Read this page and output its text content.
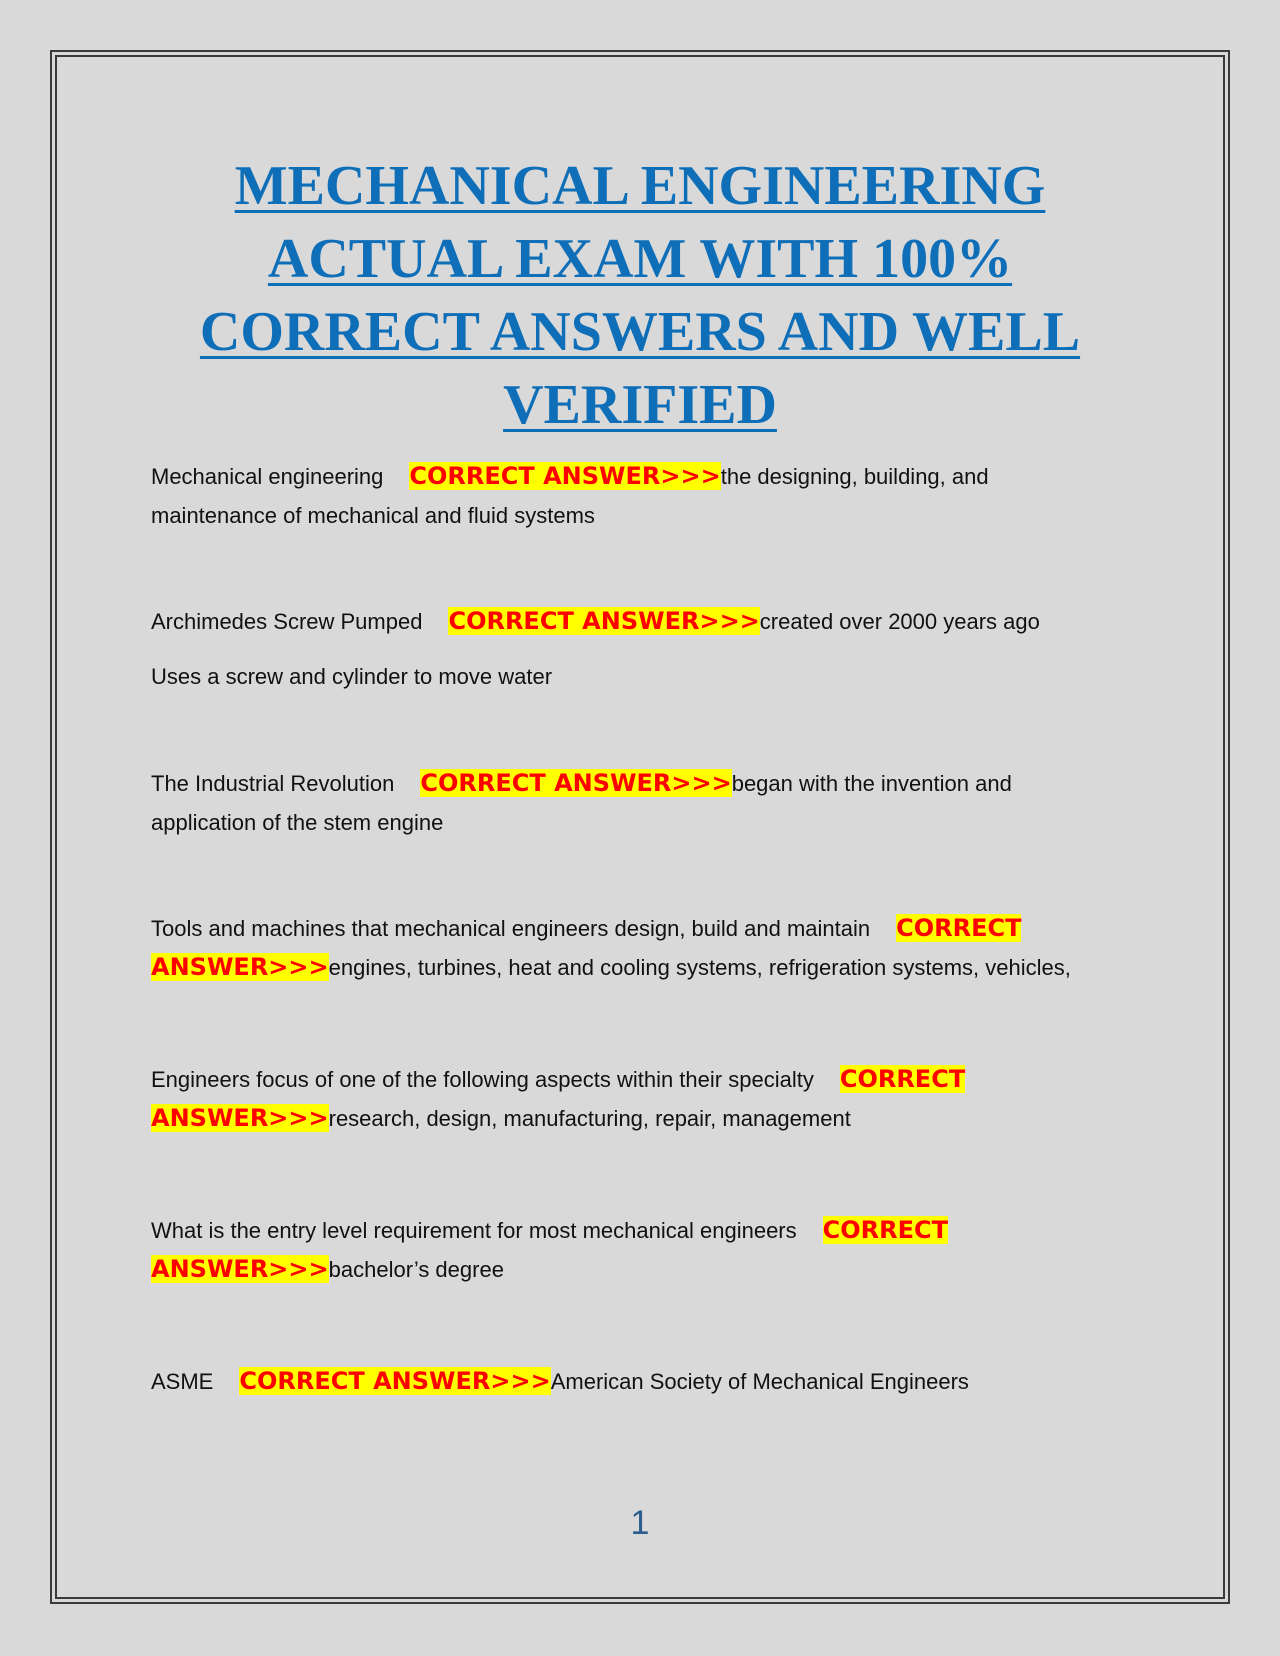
MECHANICAL ENGINEERING
ACTUAL EXAM WITH 100%
CORRECT ANSWERS AND WELL
VERIFIED

Mechanical engineering CORRECT ANSWER>>>the designing, building, and maintenance of mechanical and fluid systems

Archimedes Screw Pumped CORRECT ANSWER>>>created over 2000 years ago
Uses a screw and cylinder to move water

The Industrial Revolution CORRECT ANSWER>>>began with the invention and application of the stem engine

Tools and machines that mechanical engineers design, build and maintain CORRECT
ANSWER>>>engines, turbines, heat and cooling systems, refrigeration systems, vehicles,

Engineers focus of one of the following aspects within their specialty CORRECT
ANSWER>>>research, design, manufacturing, repair, management

What is the entry level requirement for most mechanical engineers CORRECT
ANSWER>>>bachelor’s degree

ASME CORRECT ANSWER>>>American Society of Mechanical Engineers

1
